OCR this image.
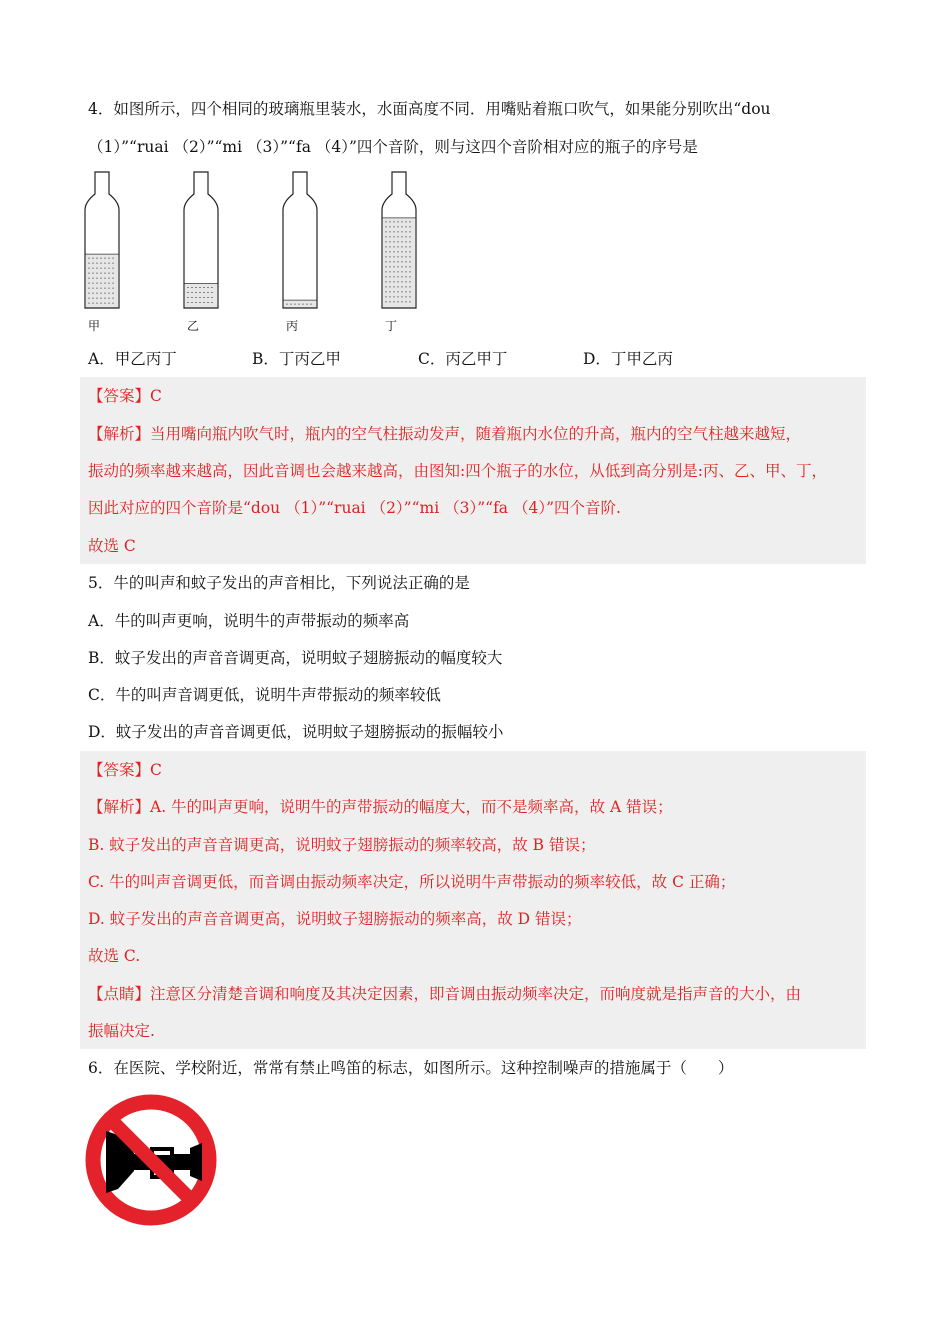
4．如图所示，四个相同的玻璃瓶里装水，水面高度不同．用嘴贴着瓶口吹气，如果能分别吹出“dou
（1）”“ruai （2）”“mi （3）”“fa （4）”四个音阶，则与这四个音阶相对应的瓶子的序号是
甲	乙	丙	丁
A．甲乙丙丁	B．丁丙乙甲	C．丙乙甲丁	D．丁甲乙丙
【答案】C
【解析】当用嘴向瓶内吹气时，瓶内的空气柱振动发声，随着瓶内水位的升高，瓶内的空气柱越来越短，
振动的频率越来越高，因此音调也会越来越高，由图知:四个瓶子的水位，从低到高分别是:丙、乙、甲、丁，
因此对应的四个音阶是“dou （1）”“ruai （2）”“mi （3）”“fa （4）”四个音阶.
故选 C
5．牛的叫声和蚊子发出的声音相比，下列说法正确的是
A．牛的叫声更响，说明牛的声带振动的频率高
B．蚊子发出的声音音调更高，说明蚊子翅膀振动的幅度较大
C．牛的叫声音调更低，说明牛声带振动的频率较低
D．蚊子发出的声音音调更低，说明蚊子翅膀振动的振幅较小
【答案】C
【解析】A. 牛的叫声更响，说明牛的声带振动的幅度大，而不是频率高，故 A 错误；
B. 蚊子发出的声音音调更高，说明蚊子翅膀振动的频率较高，故 B 错误；
C. 牛的叫声音调更低，而音调由振动频率决定，所以说明牛声带振动的频率较低，故 C 正确；
D. 蚊子发出的声音音调更高，说明蚊子翅膀振动的频率高，故 D 错误；
故选 C.
【点睛】注意区分清楚音调和响度及其决定因素，即音调由振动频率决定，而响度就是指声音的大小，由
振幅决定.
6．在医院、学校附近，常常有禁止鸣笛的标志，如图所示。这种控制噪声的措施属于（　　）
